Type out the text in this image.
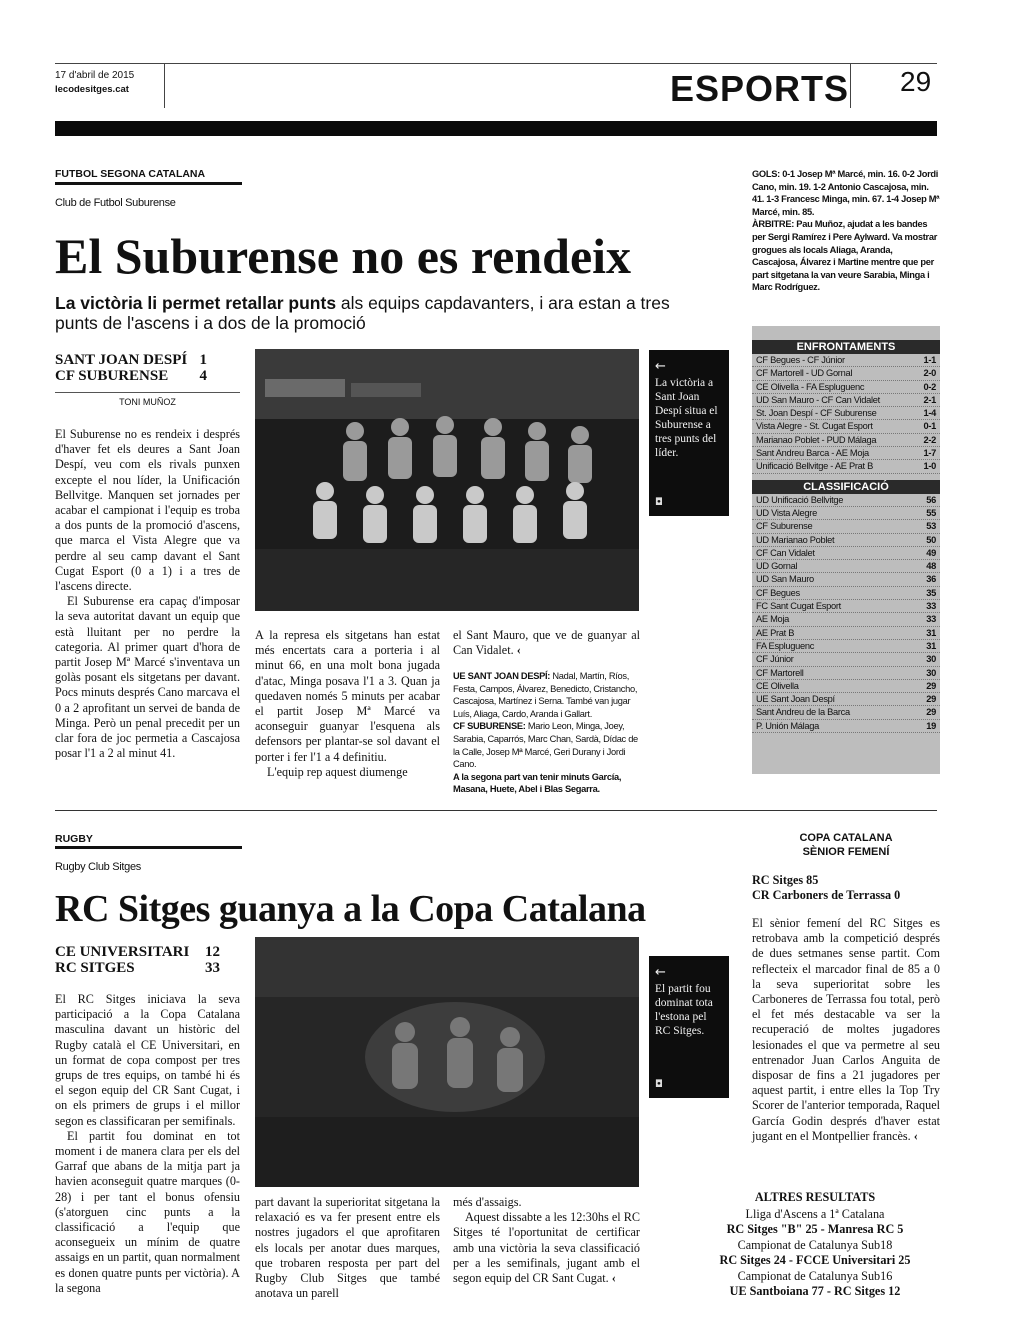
17 d'abril de 2015
lecodesitges.cat	ESPORTS 29
FUTBOL SEGONA CATALANA
Club de Futbol Suburense
El Suburense no es rendeix
La victòria li permet retallar punts als equips capdavanters, i ara estan a tres punts de l'ascens i a dos de la promoció
SANT JOAN DESPÍ 1
CF SUBURENSE 4
TONI MUÑOZ

El Suburense no es rendeix i després d'haver fet els deures a Sant Joan Despí, veu com els rivals punxen excepte el nou líder, la Unificación Bellvitge. Manquen set jornades per acabar el campionat i l'equip es troba a dos punts de la promoció d'ascens, que marca el Vista Alegre que va perdre al seu camp davant el Sant Cugat Esport (0 a 1) i a tres de l'ascens directe.

El Suburense era capaç d'imposar la seva autoritat davant un equip que està lluitant per no perdre la categoria. Al primer quart d'hora de partit Josep Mª Marcé s'inventava un golàs posant els sitgetans per davant. Pocs minuts després Cano marcava el 0 a 2 aprofitant un servei de banda de Minga. Però un penal precedit per un clar fora de joc permetia a Cascajosa posar l'1 a 2 al minut 41.

←
La victòria a Sant Joan Despí situa el Suburense a tres punts del líder.
◘

A la represa els sitgetans han estat més encertats cara a porteria i al minut 66, en una molt bona jugada d'atac, Minga posava l'1 a 3. Quan ja quedaven només 5 minuts per acabar el partit Josep Mª Marcé va aconseguir guanyar l'esquena als defensors per plantar-se sol davant el porter i fer l'1 a 4 definitiu.

L'equip rep aquest diumenge

el Sant Mauro, que ve de guanyar al Can Vidalet. ‹

UE SANT JOAN DESPÍ: Nadal, Martín, Ríos, Festa, Campos, Álvarez, Benedicto, Cristancho, Cascajosa, Martínez i Serna. També van jugar Luís, Aliaga, Cardo, Aranda i Gallart.
CF SUBURENSE: Mario Leon, Minga, Joey, Sarabia, Caparrós, Marc Chan, Sardà, Dídac de la Calle, Josep Mª Marcé, Geri Durany i Jordi Cano.
A la segona part van tenir minuts García, Masana, Huete, Abel i Blas Segarra.
GOLS: 0-1 Josep Mª Marcé, min. 16. 0-2 Jordi Cano, min. 19. 1-2 Antonio Cascajosa, min. 41. 1-3 Francesc Minga, min. 67. 1-4 Josep Mª Marcé, min. 85.
ÀRBITRE: Pau Muñoz, ajudat a les bandes per Sergi Ramírez i Pere Aylward. Va mostrar grogues als locals Aliaga, Aranda, Cascajosa, Álvarez i Martine mentre que per part sitgetana la van veure Sarabia, Minga i Marc Rodríguez.
ENFRONTAMENTS
CF Begues - CF Júnior	1-1
CF Martorell - UD Gornal	2-0
CE Olivella - FA Espluguenc	0-2
UD San Mauro - CF Can Vidalet	2-1
St. Joan Despí - CF Suburense	1-4
Vista Alegre - St. Cugat Esport	0-1
Marianao Poblet - PUD Málaga	2-2
Sant Andreu Barca - AE Moja	1-7
Unificació Bellvitge - AE Prat B	1-0
CLASSIFICACIÓ
UD Unificació Bellvitge	56
UD Vista Alegre	55
CF Suburense	53
UD Marianao Poblet	50
CF Can Vidalet	49
UD Gornal	48
UD San Mauro	36
CF Begues	35
FC Sant Cugat Esport	33
AE Moja	33
AE Prat B	31
FA Espluguenc	31
CF Júnior	30
CF Martorell	30
CE Olivella	29
UE Sant Joan Despí	29
Sant Andreu de la Barca	29
P. Unión Málaga	19
RUGBY
Rugby Club Sitges
RC Sitges guanya a la Copa Catalana
CE UNIVERSITARI 12
RC SITGES	33

El RC Sitges iniciava la seva participació a la Copa Catalana masculina davant un històric del Rugby català el CE Universitari, en un format de copa compost per tres grups de tres equips, on també hi és el segon equip del CR Sant Cugat, i on els primers de grups i el millor segon es classificaran per semifinals.

El partit fou dominat en tot moment i de manera clara per els del Garraf que abans de la mitja part ja havien aconseguit quatre marques (0-28) i per tant el bonus ofensiu (s'atorguen cinc punts a la classificació a l'equip que aconsegueix un mínim de quatre assaigs en un partit, quan normalment es donen quatre punts per victòria). A la segona

←
El partit fou dominat tota l'estona pel RC Sitges.
◘

part davant la superioritat sitgetana la relaxació es va fer present entre els nostres jugadors el que aprofitaren els locals per anotar dues marques, que trobaren resposta per part del Rugby Club Sitges que també anotava un parell

més d'assaigs.

Aquest dissabte a les 12:30hs el RC Sitges té l'oportunitat de certificar amb una victòria la seva classificació per a les semifinals, jugant amb el segon equip del CR Sant Cugat. ‹

COPA CATALANA
SÈNIOR FEMENÍ
RC Sitges 85
CR Carboners de Terrassa 0

El sènior femení del RC Sitges es retrobava amb la competició després de dues setmanes sense partit. Com reflecteix el marcador final de 85 a 0 la seva superioritat sobre les Carboneres de Terrassa fou total, però el fet més destacable va ser la recuperació de moltes jugadores lesionades el que va permetre al seu entrenador Juan Carlos Anguita de disposar de fins a 21 jugadores per aquest partit, i entre elles la Top Try Scorer de l'anterior temporada, Raquel García Godin després d'haver estat jugant en el Montpellier francès. ‹

ALTRES RESULTATS
Lliga d'Ascens a 1ª Catalana
RC Sitges "B" 25 - Manresa RC 5
Campionat de Catalunya Sub18
RC Sitges 24 - FCCE Universitari 25
Campionat de Catalunya Sub16
UE Santboiana 77 - RC Sitges 12
